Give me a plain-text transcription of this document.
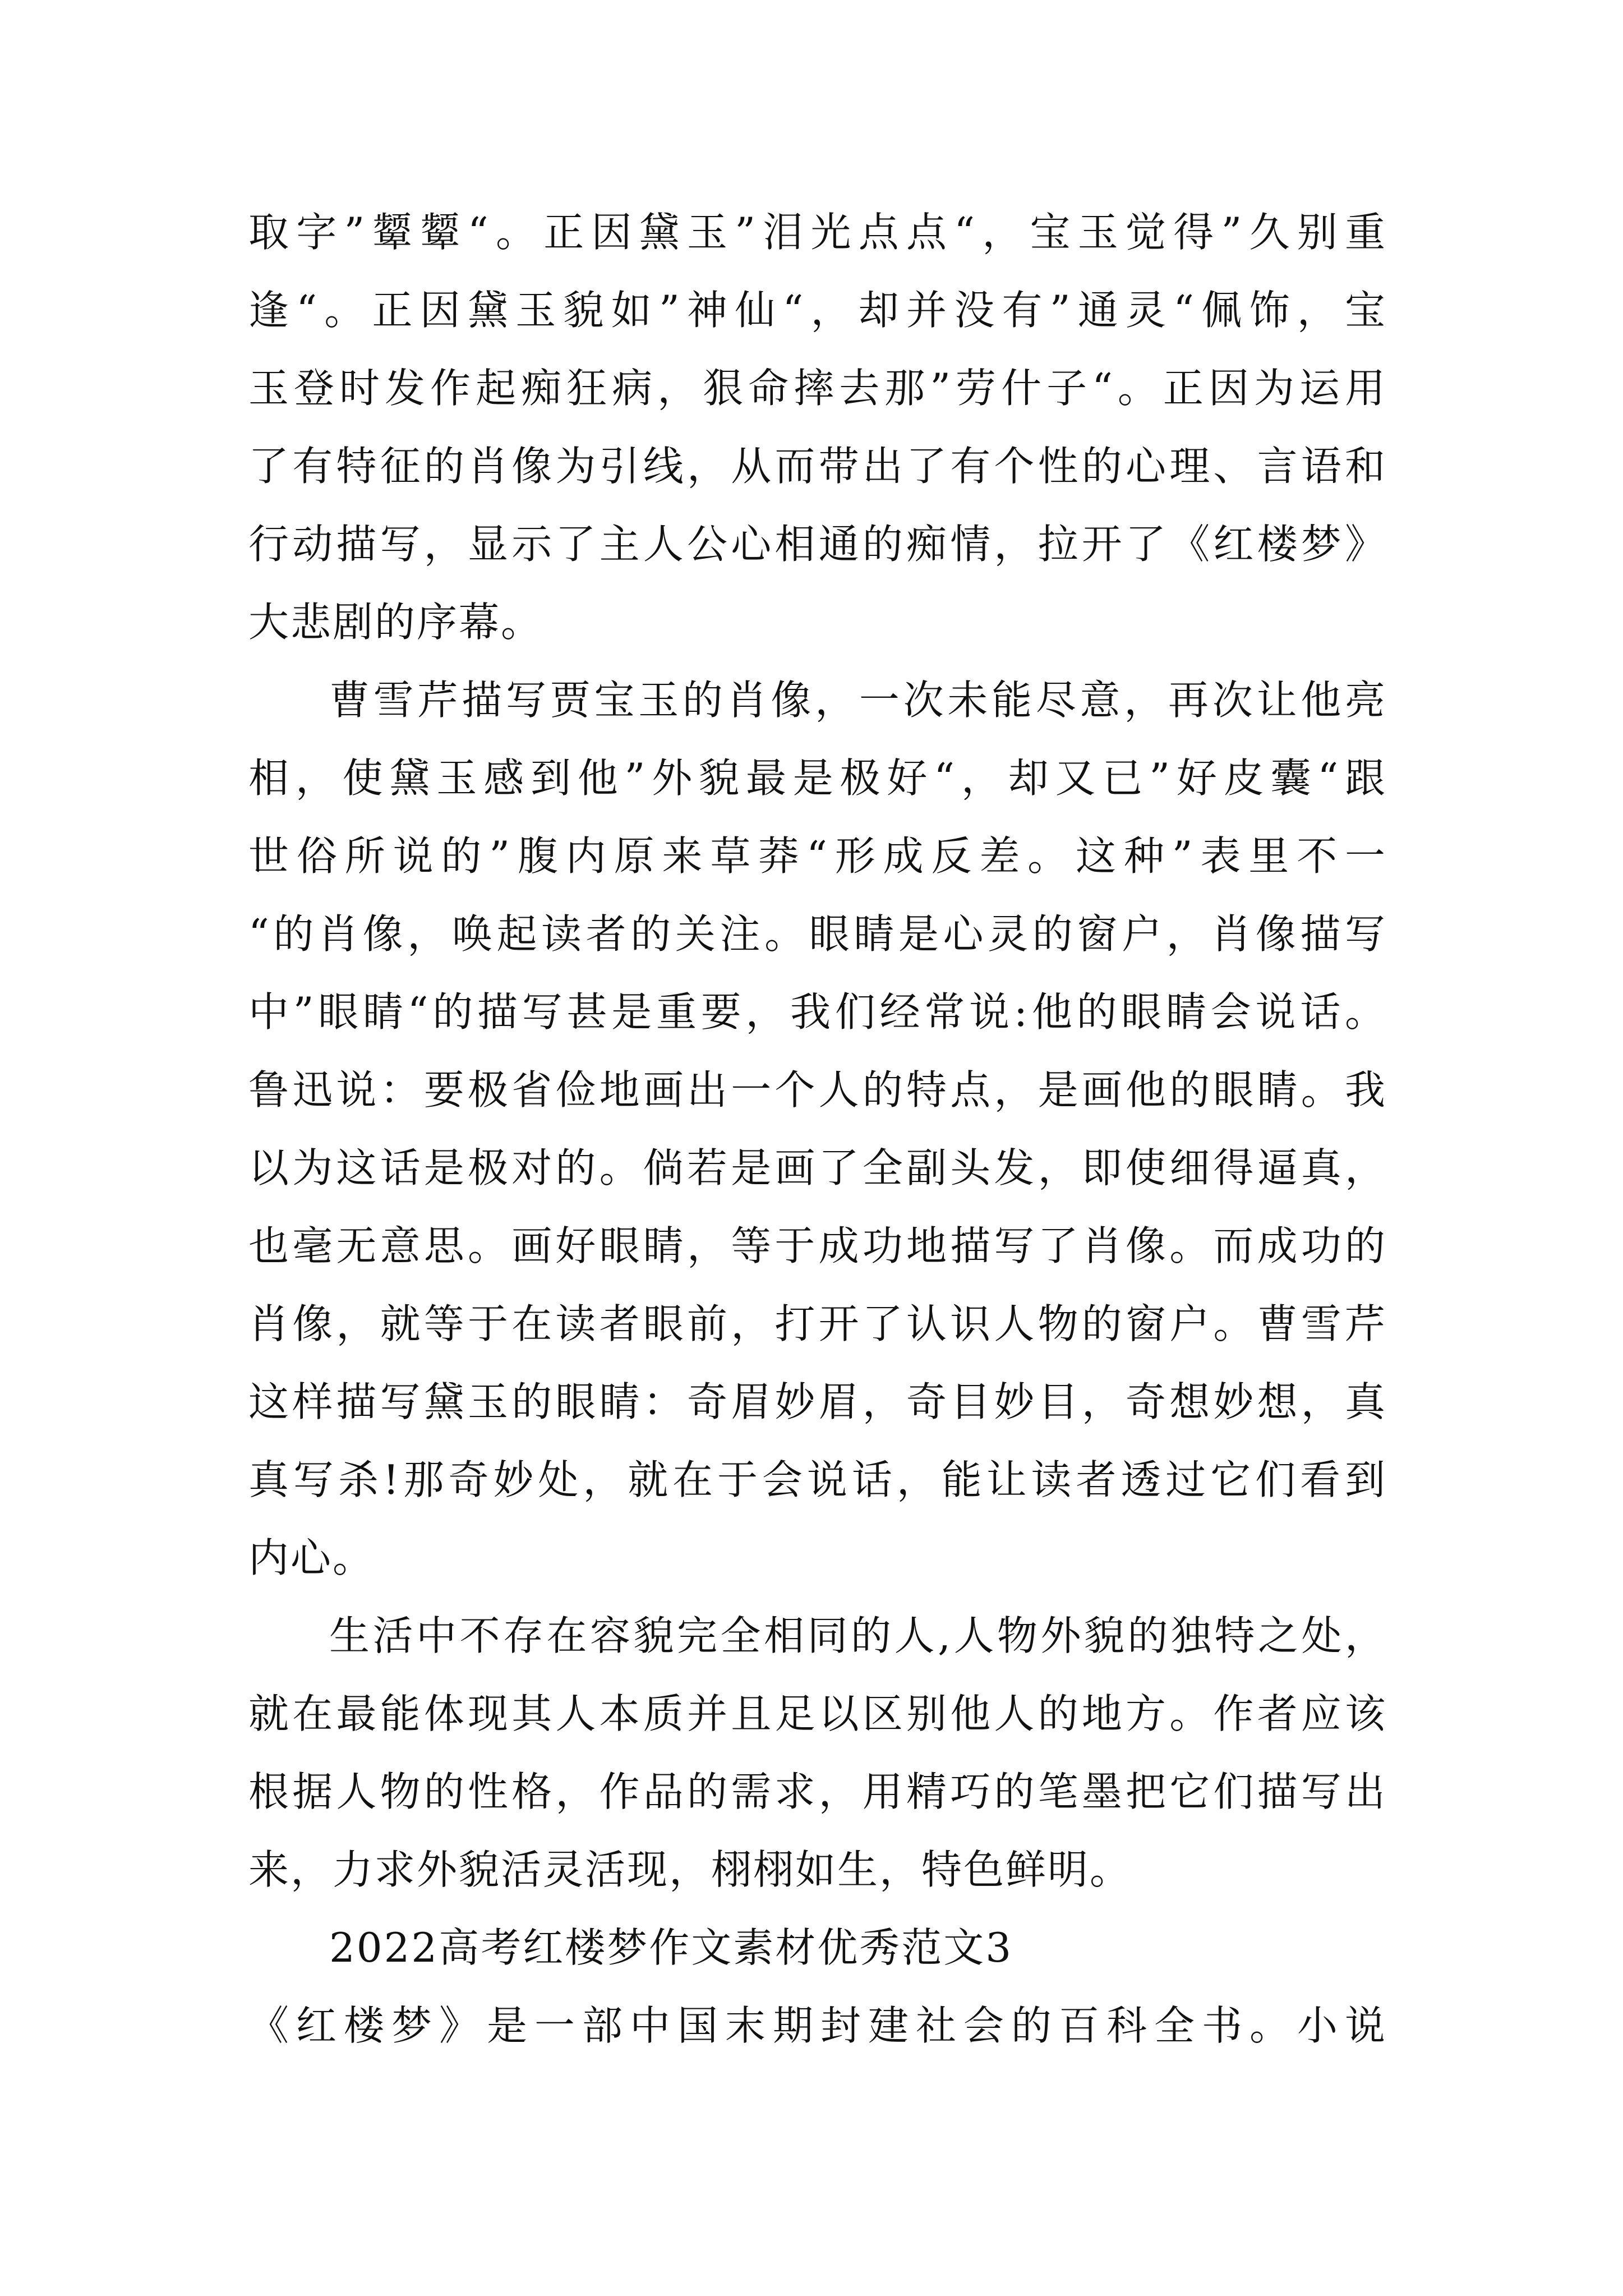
取字”颦颦“。正因黛玉”泪光点点“，宝玉觉得”久别重
逢“。正因黛玉貌如”神仙“，却并没有”通灵“佩饰，宝
玉登时发作起痴狂病，狠命摔去那”劳什子“。正因为运用
了有特征的肖像为引线，从而带出了有个性的心理、言语和
行动描写，显示了主人公心相通的痴情，拉开了《红楼梦》
大悲剧的序幕。
曹雪芹描写贾宝玉的肖像，一次未能尽意，再次让他亮
相，使黛玉感到他”外貌最是极好“，却又已”好皮囊“跟
世俗所说的”腹内原来草莽“形成反差。这种”表里不一
“的肖像，唤起读者的关注。眼睛是心灵的窗户，肖像描写
中”眼睛“的描写甚是重要，我们经常说:他的眼睛会说话。
鲁迅说：要极省俭地画出一个人的特点，是画他的眼睛。我
以为这话是极对的。倘若是画了全副头发，即使细得逼真，
也毫无意思。画好眼睛，等于成功地描写了肖像。而成功的
肖像，就等于在读者眼前，打开了认识人物的窗户。曹雪芹
这样描写黛玉的眼睛：奇眉妙眉，奇目妙目，奇想妙想，真
真写杀!那奇妙处，就在于会说话，能让读者透过它们看到
内心。
生活中不存在容貌完全相同的人,人物外貌的独特之处，
就在最能体现其人本质并且足以区别他人的地方。作者应该
根据人物的性格，作品的需求，用精巧的笔墨把它们描写出
来，力求外貌活灵活现，栩栩如生，特色鲜明。
2022高考红楼梦作文素材优秀范文3
《红楼梦》是一部中国末期封建社会的百科全书。小说
